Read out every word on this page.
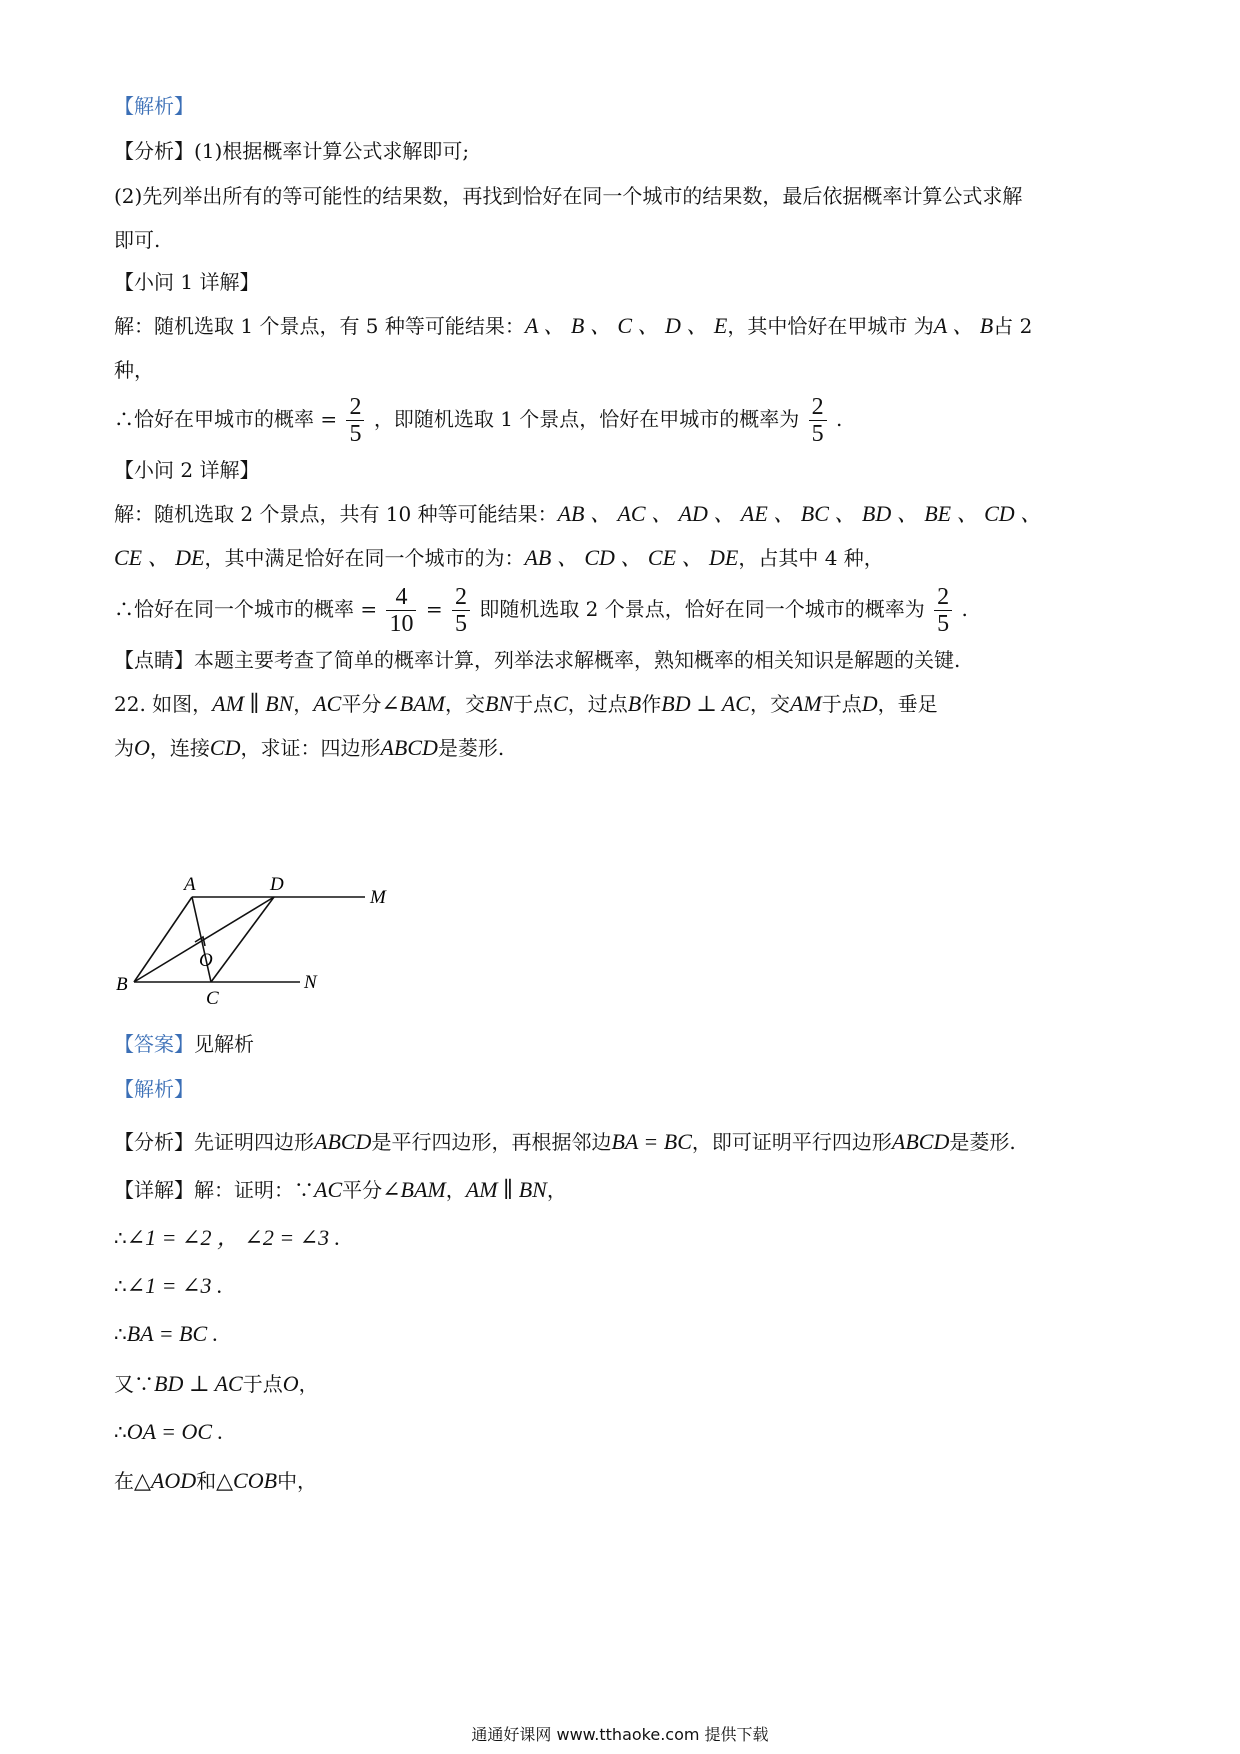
【解析】
【分析】(1)根据概率计算公式求解即可;
(2)先列举出所有的等可能性的结果数，再找到恰好在同一个城市的结果数，最后依据概率计算公式求解
即可.
【小问 1 详解】
解：随机选取 1 个景点，有 5 种等可能结果：A 、 B 、 C 、 D 、 E，其中恰好在甲城市 为A 、 B占 2
种，
∴恰好在甲城市的概率 = $\frac{2}{5}$ ，即随机选取 1 个景点，恰好在甲城市的概率为 $\frac{2}{5}$ .
【小问 2 详解】
解：随机选取 2 个景点，共有 10 种等可能结果：AB 、 AC 、 AD 、 AE 、 BC 、 BD 、 BE 、 CD 、
CE 、 DE，其中满足恰好在同一个城市的为：AB 、 CD 、 CE 、 DE，占其中 4 种，
∴恰好在同一个城市的概率 = $\frac{4}{10} = \frac{2}{5}$ 即随机选取 2 个景点，恰好在同一个城市的概率为 $\frac{2}{5}$ .
【点睛】本题主要考查了简单的概率计算，列举法求解概率，熟知概率的相关知识是解题的关键.
22. 如图，AM ∥ BN，AC平分∠BAM，交BN于点C，过点B作BD ⊥ AC，交AM于点D，垂足
为O，连接CD，求证：四边形ABCD是菱形.
A	D
M
O
B
C
N
【答案】见解析
【解析】
【分析】先证明四边形ABCD是平行四边形，再根据邻边BA = BC，即可证明平行四边形ABCD是菱形.
【详解】解：证明：∵AC平分∠BAM，AM ∥ BN，
∴∠1 = ∠2 ， ∠2 = ∠3 .
∴∠1 = ∠3 .
∴BA = BC .
又∵BD ⊥ AC于点O，
∴OA = OC .
在△AOD和△COB中，
通通好课网 www.tthaoke.com 提供下载
